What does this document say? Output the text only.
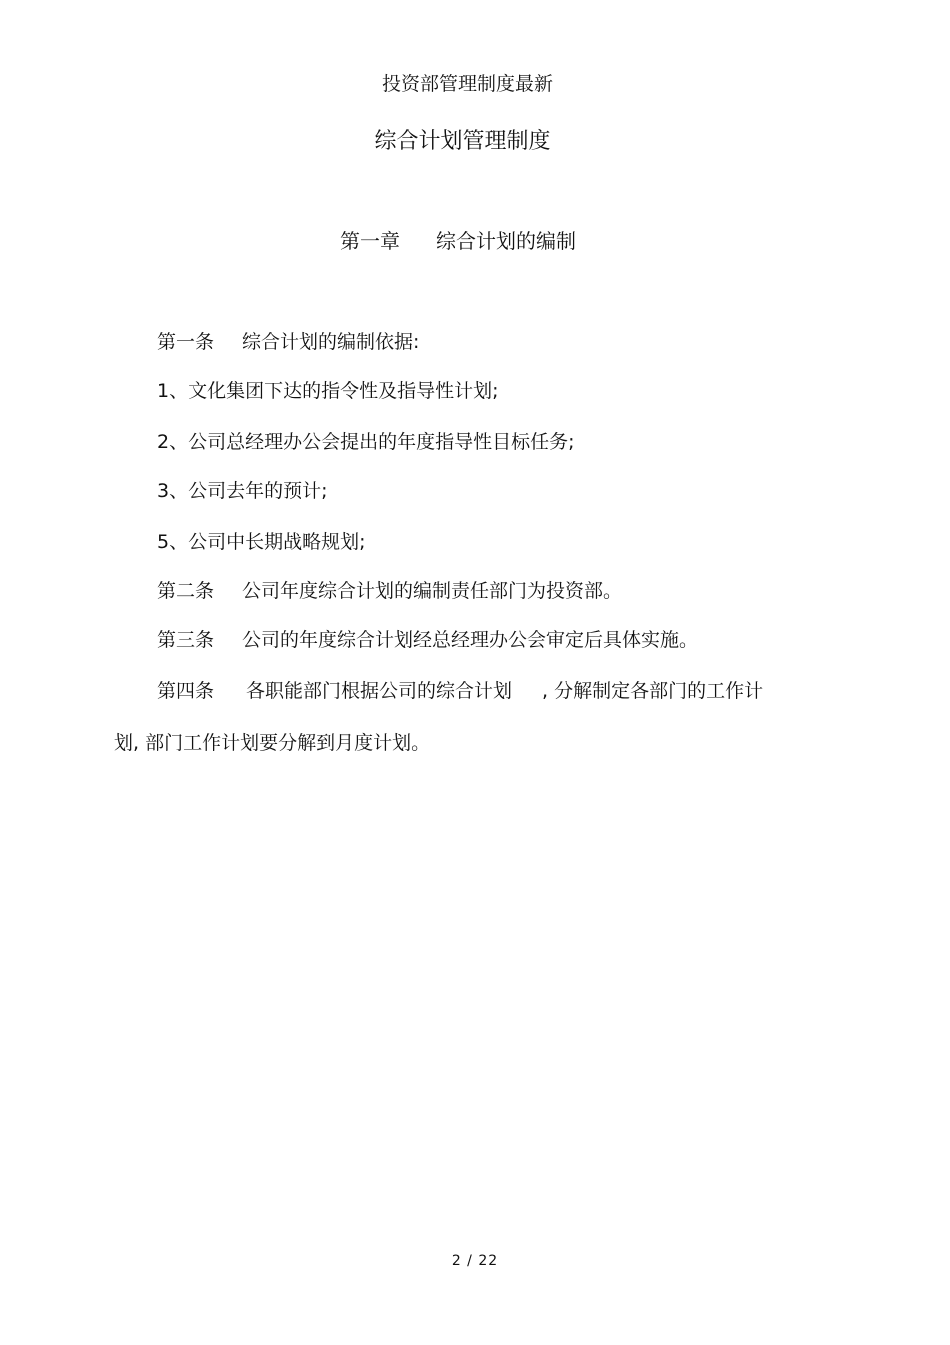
投资部管理制度最新
综合计划管理制度
第一章 综合计划的编制
第一条 综合计划的编制依据:
1、文化集团下达的指令性及指导性计划;
2、公司总经理办公会提出的年度指导性目标任务;
3、公司去年的预计;
5、公司中长期战略规划;
第二条 公司年度综合计划的编制责任部门为投资部。
第三条 公司的年度综合计划经总经理办公会审定后具体实施。
第四条 各职能部门根据公司的综合计划 , 分解制定各部门的工作计
划, 部门工作计划要分解到月度计划。
2 / 22
